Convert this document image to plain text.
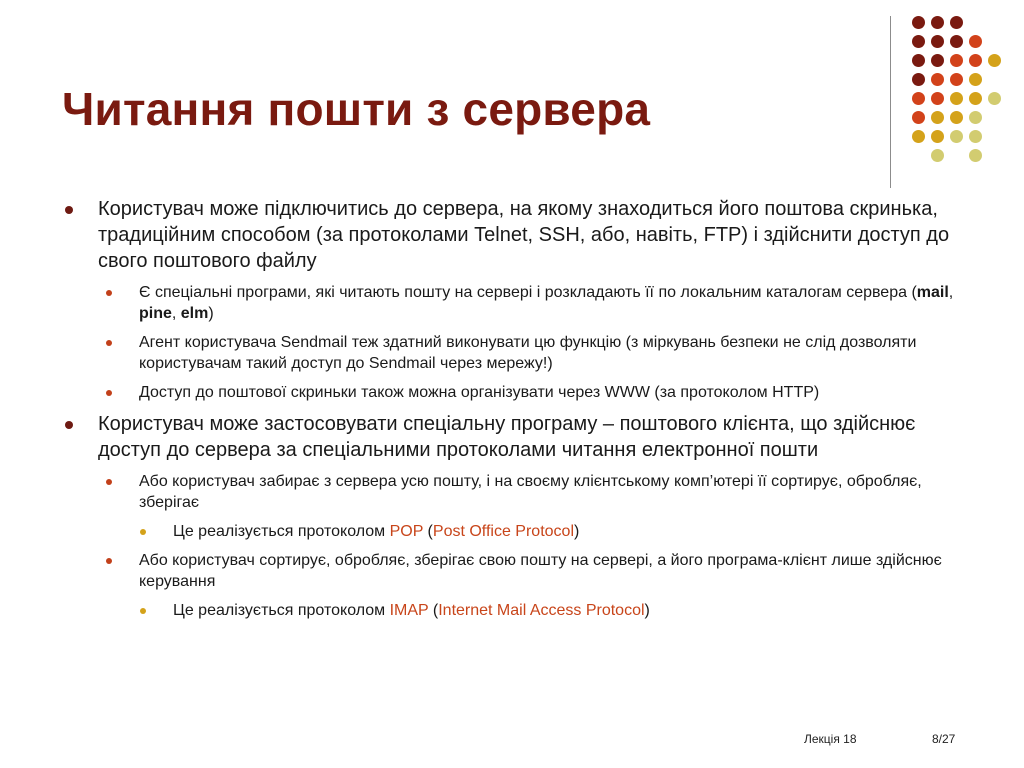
Читання пошти з сервера
Користувач може підключитись до сервера, на якому знаходиться його поштова скринька, традиційним способом (за протоколами Telnet, SSH, або, навіть, FTP) і здійснити доступ до свого поштового файлу
Є спеціальні програми, які читають пошту на сервері і розкладають її по локальним каталогам сервера (mail, pine, elm)
Агент користувача Sendmail теж здатний виконувати цю функцію (з міркувань безпеки не слід дозволяти користувачам такий доступ до Sendmail через мережу!)
Доступ до поштової скриньки також можна організувати через WWW (за протоколом HTTP)
Користувач може застосовувати спеціальну програму – поштового клієнта, що здійснює доступ до сервера за спеціальними протоколами читання електронної пошти
Або користувач забирає з сервера усю пошту, і на своєму клієнтському комп’ютері її сортирує, обробляє, зберігає
Це реалізується протоколом POP (Post Office Protocol)
Або користувач сортирує, обробляє, зберігає свою пошту на сервері, а його програма-клієнт лише здійснює керування
Це реалізується протоколом IMAP (Internet Mail Access Protocol)
Лекція 18	8/27
